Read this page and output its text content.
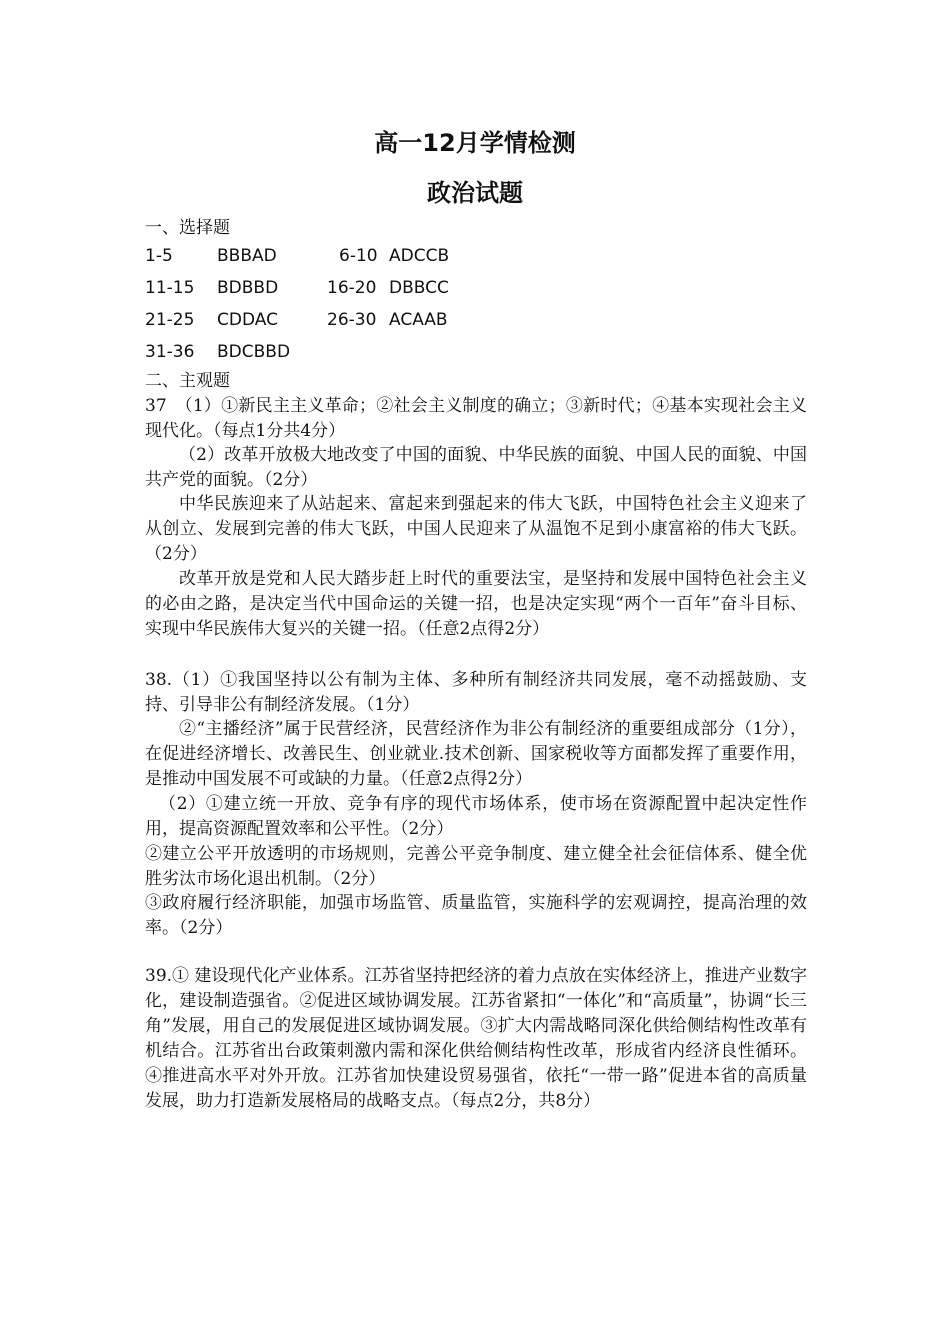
高一12月学情检测
政治试题
一、选择题
1-5	BBBAD	6-10 ADCCB
11-15 BDBBD	16-20 DBBCC
21-25 CDDAC	26-30 ACAAB
31-36 BDCBBD
二、主观题
37　（1）①新民主主义革命；②社会主义制度的确立；③新时代；④基本实现社会主义现代化。（每点1分共4分）
（2）改革开放极大地改变了中国的面貌、中华民族的面貌、中国人民的面貌、中国共产党的面貌。（2分）
中华民族迎来了从站起来、富起来到强起来的伟大飞跃，中国特色社会主义迎来了从创立、发展到完善的伟大飞跃，中国人民迎来了从温饱不足到小康富裕的伟大飞跃。（2分）
改革开放是党和人民大踏步赶上时代的重要法宝，是坚持和发展中国特色社会主义的必由之路，是决定当代中国命运的关键一招，也是决定实现“两个一百年”奋斗目标、实现中华民族伟大复兴的关键一招。（任意2点得2分）
38.（1）①我国坚持以公有制为主体、多种所有制经济共同发展，毫不动摇鼓励、支持、引导非公有制经济发展。（1分）
②“主播经济”属于民营经济，民营经济作为非公有制经济的重要组成部分（1分），在促进经济增长、改善民生、创业就业.技术创新、国家税收等方面都发挥了重要作用，是推动中国发展不可或缺的力量。（任意2点得2分）
（2）①建立统一开放、竞争有序的现代市场体系，使市场在资源配置中起决定性作用，提高资源配置效率和公平性。（2分）
②建立公平开放透明的市场规则，完善公平竞争制度、建立健全社会征信体系、健全优胜劣汰市场化退出机制。（2分）
③政府履行经济职能，加强市场监管、质量监管，实施科学的宏观调控，提高治理的效率。（2分）
39.① 建设现代化产业体系。江苏省坚持把经济的着力点放在实体经济上，推进产业数字化，建设制造强省。②促进区域协调发展。江苏省紧扣“一体化”和“高质量”，协调“长三角”发展，用自己的发展促进区域协调发展。③扩大内需战略同深化供给侧结构性改革有机结合。江苏省出台政策刺激内需和深化供给侧结构性改革，形成省内经济良性循环。④推进高水平对外开放。江苏省加快建设贸易强省，依托“一带一路”促进本省的高质量发展，助力打造新发展格局的战略支点。（每点2分，共8分）
